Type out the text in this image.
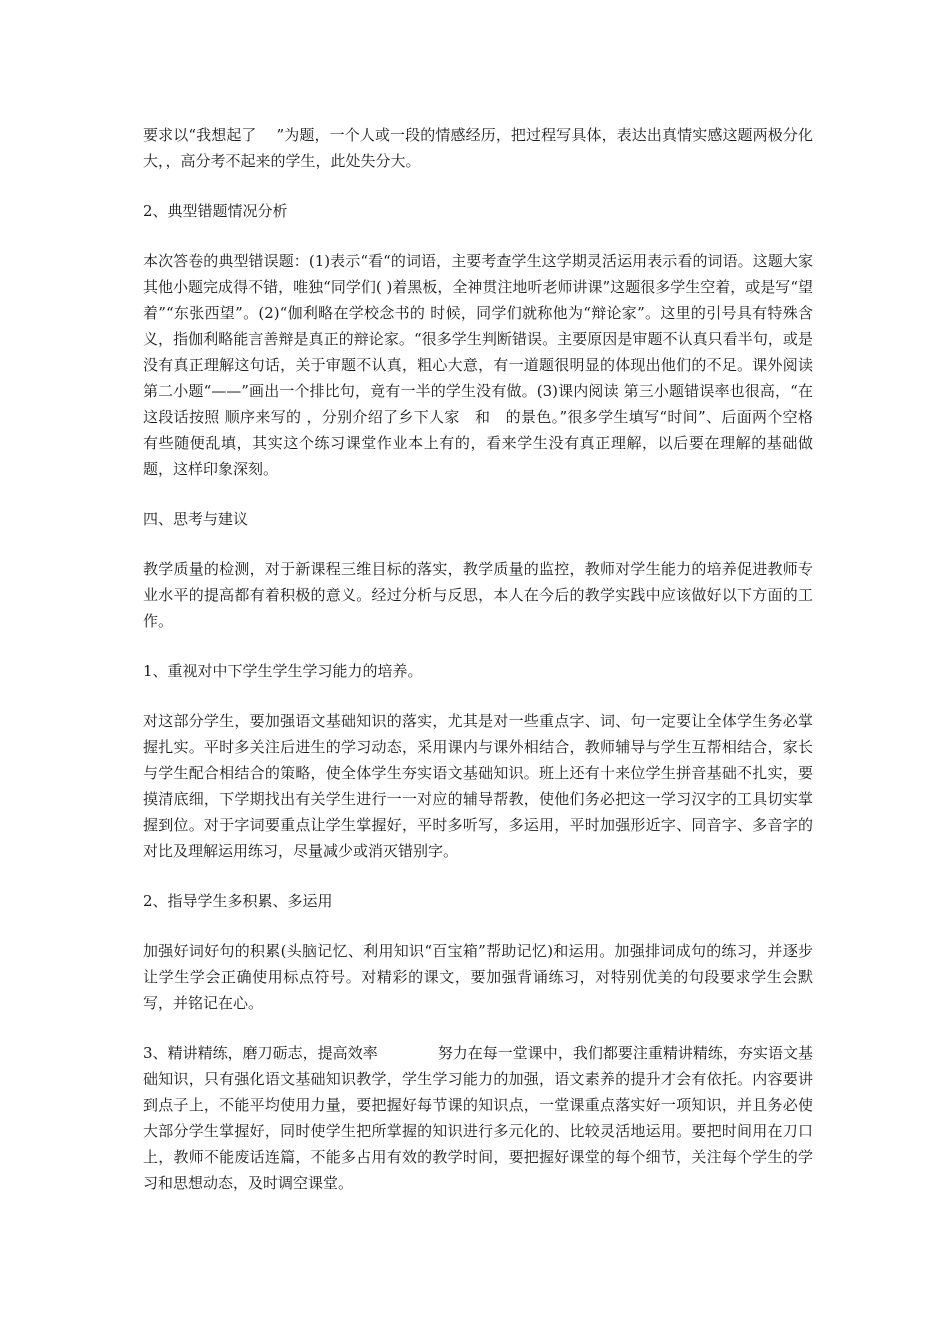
要求以“我想起了　 ”为题，一个人或一段的情感经历，把过程写具体，表达出真情实感这题两极分化大，，高分考不起来的学生，此处失分大。

2、典型错题情况分析

本次答卷的典型错误题：(1)表示“看“的词语，主要考查学生这学期灵活运用表示看的词语。这题大家其他小题完成得不错，唯独“同学们( )着黑板，全神贯注地听老师讲课”这题很多学生空着，或是写“望着”“东张西望”。(2)“伽利略在学校念书的 时候，同学们就称他为“辩论家”。这里的引号具有特殊含义，指伽利略能言善辩是真正的辩论家。“很多学生判断错误。主要原因是审题不认真只看半句，或是没有真正理解这句话，关于审题不认真，粗心大意，有一道题很明显的体现出他们的不足。课外阅读第二小题“——”画出一个排比句，竟有一半的学生没有做。(3)课内阅读 第三小题错误率也很高，“在这段话按照 顺序来写的 ，分别介绍了乡下人家　和　的景色。”很多学生填写“时间”、后面两个空格有些随便乱填，其实这个练习课堂作业本上有的，看来学生没有真正理解，以后要在理解的基础做题，这样印象深刻。

四、思考与建议

教学质量的检测，对于新课程三维目标的落实，教学质量的监控，教师对学生能力的培养促进教师专业水平的提高都有着积极的意义。经过分析与反思，本人在今后的教学实践中应该做好以下方面的工作。

1、重视对中下学生学生学习能力的培养。

对这部分学生，要加强语文基础知识的落实，尤其是对一些重点字、词、句一定要让全体学生务必掌握扎实。平时多关注后进生的学习动态，采用课内与课外相结合，教师辅导与学生互帮相结合，家长与学生配合相结合的策略，使全体学生夯实语文基础知识。班上还有十来位学生拼音基础不扎实，要摸清底细，下学期找出有关学生进行一一对应的辅导帮教，使他们务必把这一学习汉字的工具切实掌握到位。对于字词要重点让学生掌握好，平时多听写，多运用，平时加强形近字、同音字、多音字的对比及理解运用练习，尽量减少或消灭错别字。

2、指导学生多积累、多运用

加强好词好句的积累(头脑记忆、利用知识“百宝箱”帮助记忆)和运用。加强排词成句的练习，并逐步让学生学会正确使用标点符号。对精彩的课文，要加强背诵练习，对特别优美的句段要求学生会默写，并铭记在心。

3、精讲精练，磨刀砺志，提高效率	努力在每一堂课中，我们都要注重精讲精练，夯实语文基础知识，只有强化语文基础知识教学，学生学习能力的加强，语文素养的提升才会有依托。内容要讲到点子上，不能平均使用力量，要把握好每节课的知识点，一堂课重点落实好一项知识，并且务必使大部分学生掌握好，同时使学生把所掌握的知识进行多元化的、比较灵活地运用。要把时间用在刀口上，教师不能废话连篇，不能多占用有效的教学时间，要把握好课堂的每个细节，关注每个学生的学习和思想动态，及时调空课堂。
